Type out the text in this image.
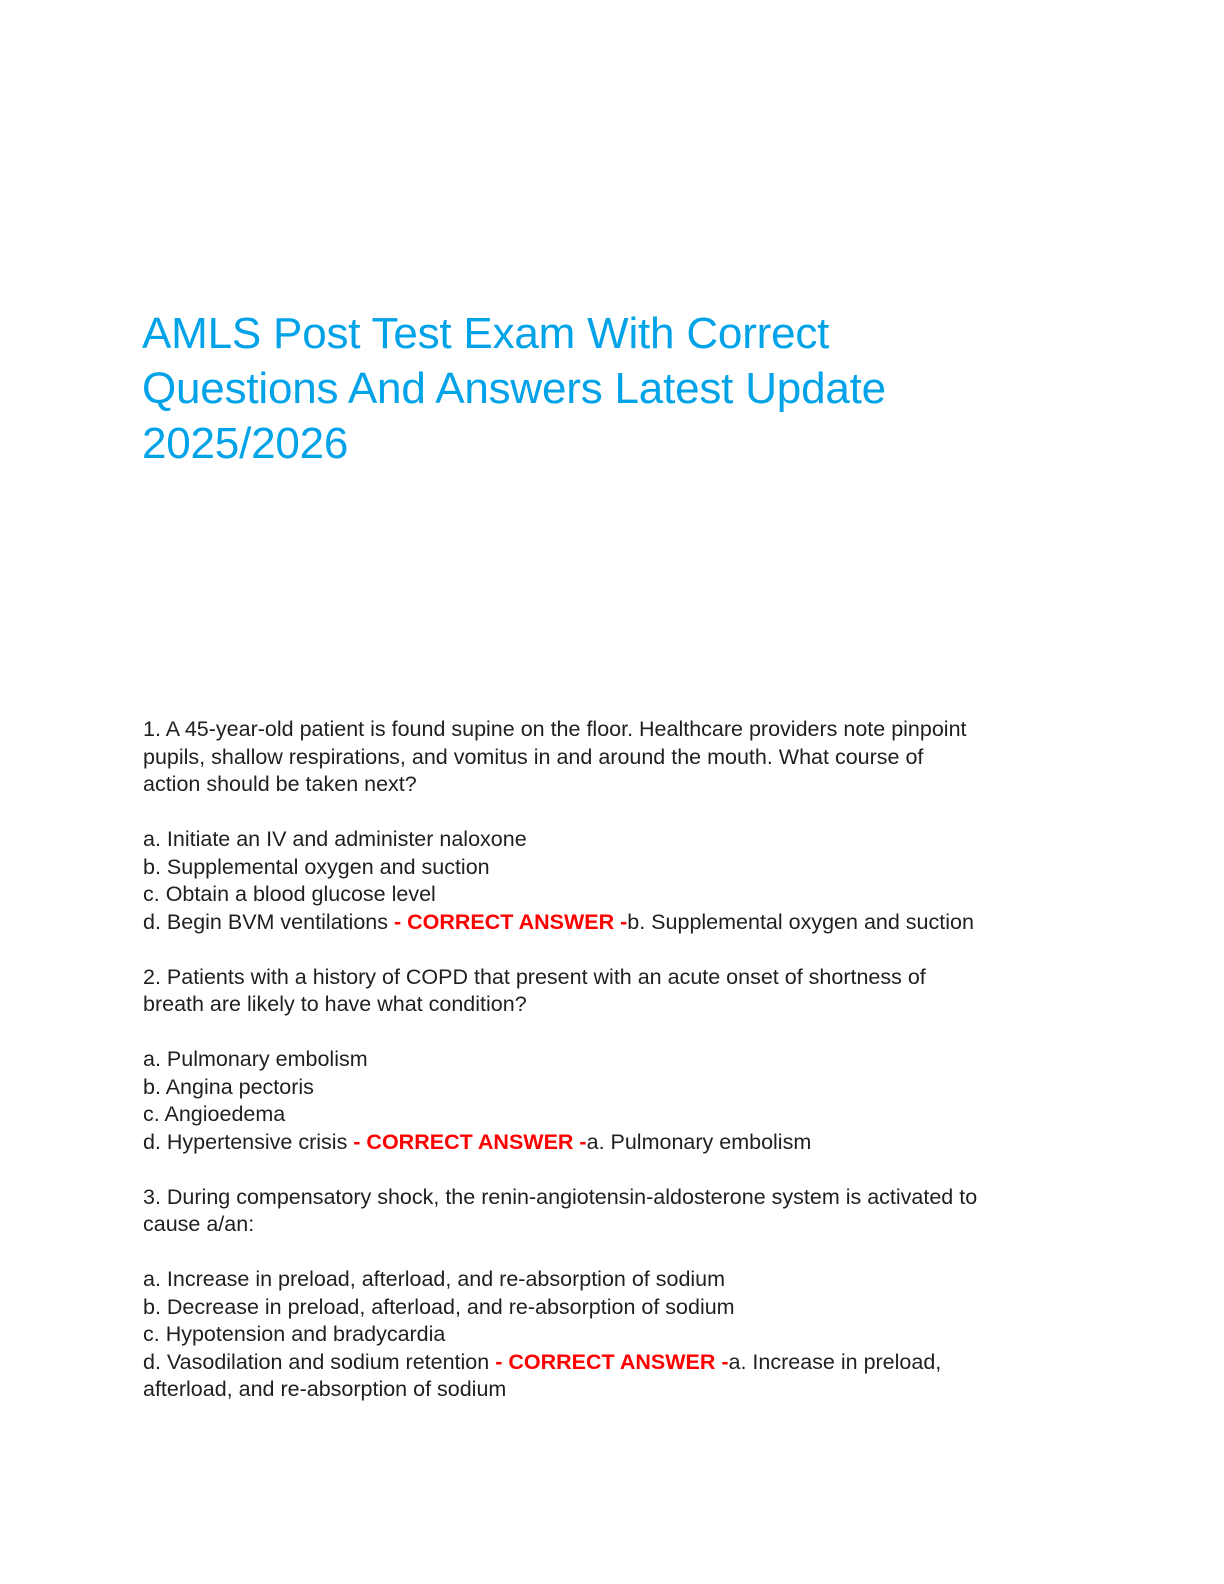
AMLS Post Test Exam With Correct
Questions And Answers Latest Update
2025/2026
1. A 45-year-old patient is found supine on the floor. Healthcare providers note pinpoint
pupils, shallow respirations, and vomitus in and around the mouth. What course of
action should be taken next?
a. Initiate an IV and administer naloxone
b. Supplemental oxygen and suction
c. Obtain a blood glucose level
d. Begin BVM ventilations - CORRECT ANSWER -b. Supplemental oxygen and suction
2. Patients with a history of COPD that present with an acute onset of shortness of
breath are likely to have what condition?
a. Pulmonary embolism
b. Angina pectoris
c. Angioedema
d. Hypertensive crisis - CORRECT ANSWER -a. Pulmonary embolism
3. During compensatory shock, the renin-angiotensin-aldosterone system is activated to
cause a/an:
a. Increase in preload, afterload, and re-absorption of sodium
b. Decrease in preload, afterload, and re-absorption of sodium
c. Hypotension and bradycardia
d. Vasodilation and sodium retention - CORRECT ANSWER -a. Increase in preload,
afterload, and re-absorption of sodium
